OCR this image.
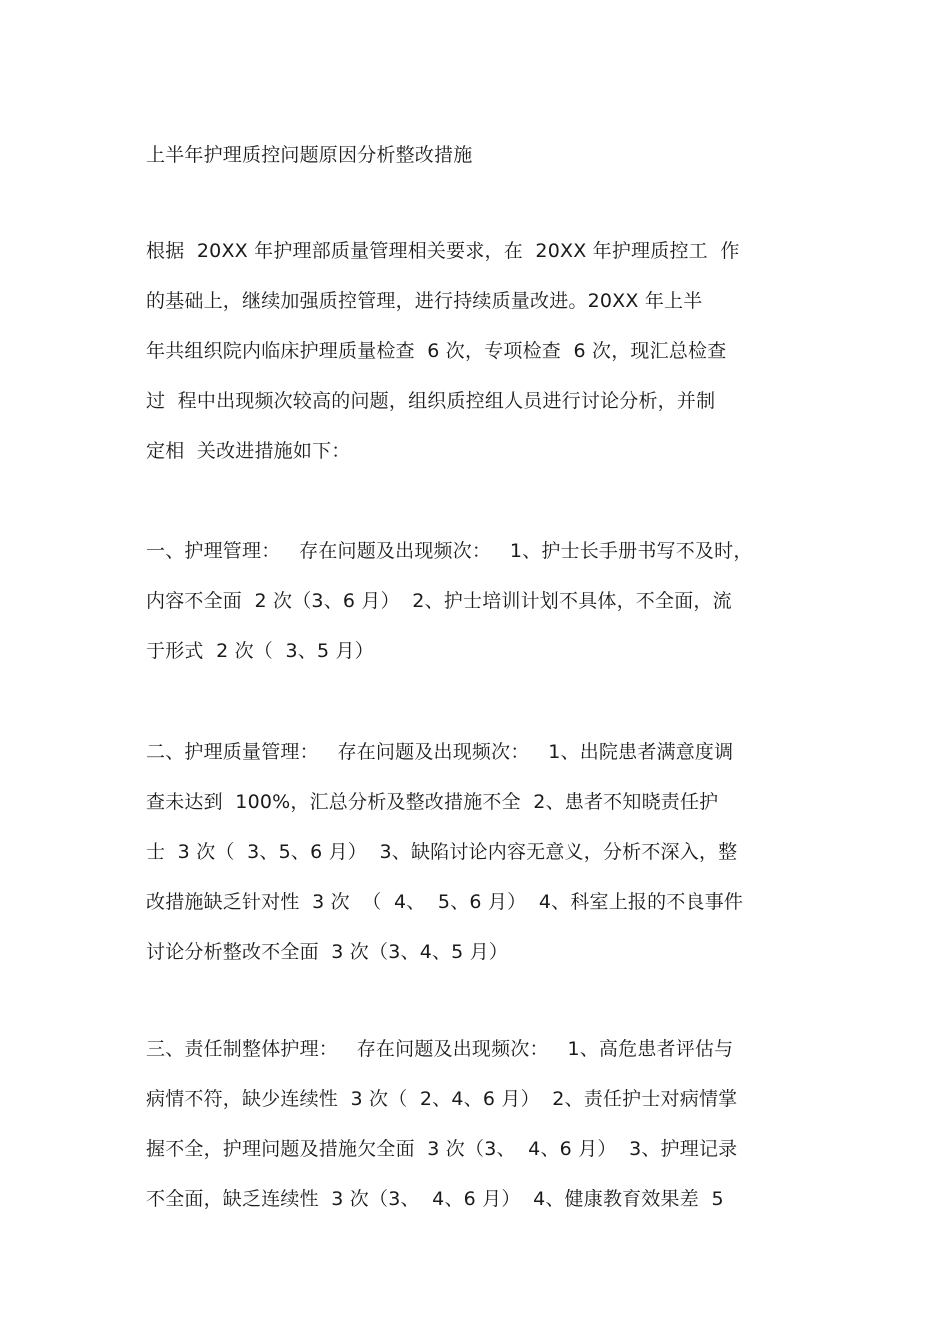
上半年护理质控问题原因分析整改措施
根据  20XX 年护理部质量管理相关要求，在  20XX 年护理质控工  作
的基础上，继续加强质控管理，进行持续质量改进。20XX 年上半
年共组织院内临床护理质量检查  6 次，专项检查  6 次，现汇总检查
过  程中出现频次较高的问题，组织质控组人员进行讨论分析，并制
定相  关改进措施如下：
一、护理管理：   存在问题及出现频次：   1、护士长手册书写不及时，
内容不全面  2 次（3、6 月）  2、护士培训计划不具体，不全面，流
于形式  2 次（  3、5 月）
二、护理质量管理：   存在问题及出现频次：   1、出院患者满意度调
查未达到  100%，汇总分析及整改措施不全  2、患者不知晓责任护
士  3 次（  3、5、6 月）  3、缺陷讨论内容无意义，分析不深入，整
改措施缺乏针对性  3 次  （  4、  5、6 月）  4、科室上报的不良事件
讨论分析整改不全面  3 次（3、4、5 月）
三、责任制整体护理：   存在问题及出现频次：   1、高危患者评估与
病情不符，缺少连续性  3 次（  2、4、6 月）  2、责任护士对病情掌
握不全，护理问题及措施欠全面  3 次（3、  4、6 月）  3、护理记录
不全面，缺乏连续性  3 次（3、  4、6 月）  4、健康教育效果差  5
